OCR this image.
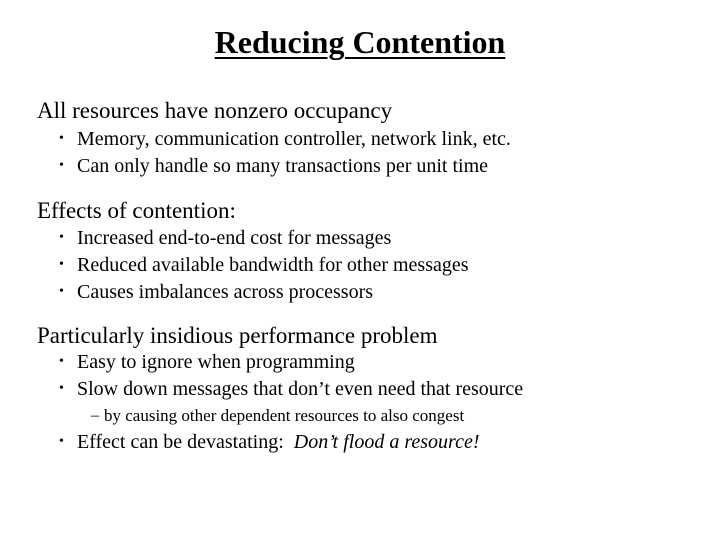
Reducing Contention
All resources have nonzero occupancy
• Memory, communication controller, network link, etc.
• Can only handle so many transactions per unit time
Effects of contention:
• Increased end-to-end cost for messages
• Reduced available bandwidth for other messages
• Causes imbalances across processors
Particularly insidious performance problem
• Easy to ignore when programming
• Slow down messages that don’t even need that resource
– by causing other dependent resources to also congest
• Effect can be devastating:  Don’t flood a resource!
